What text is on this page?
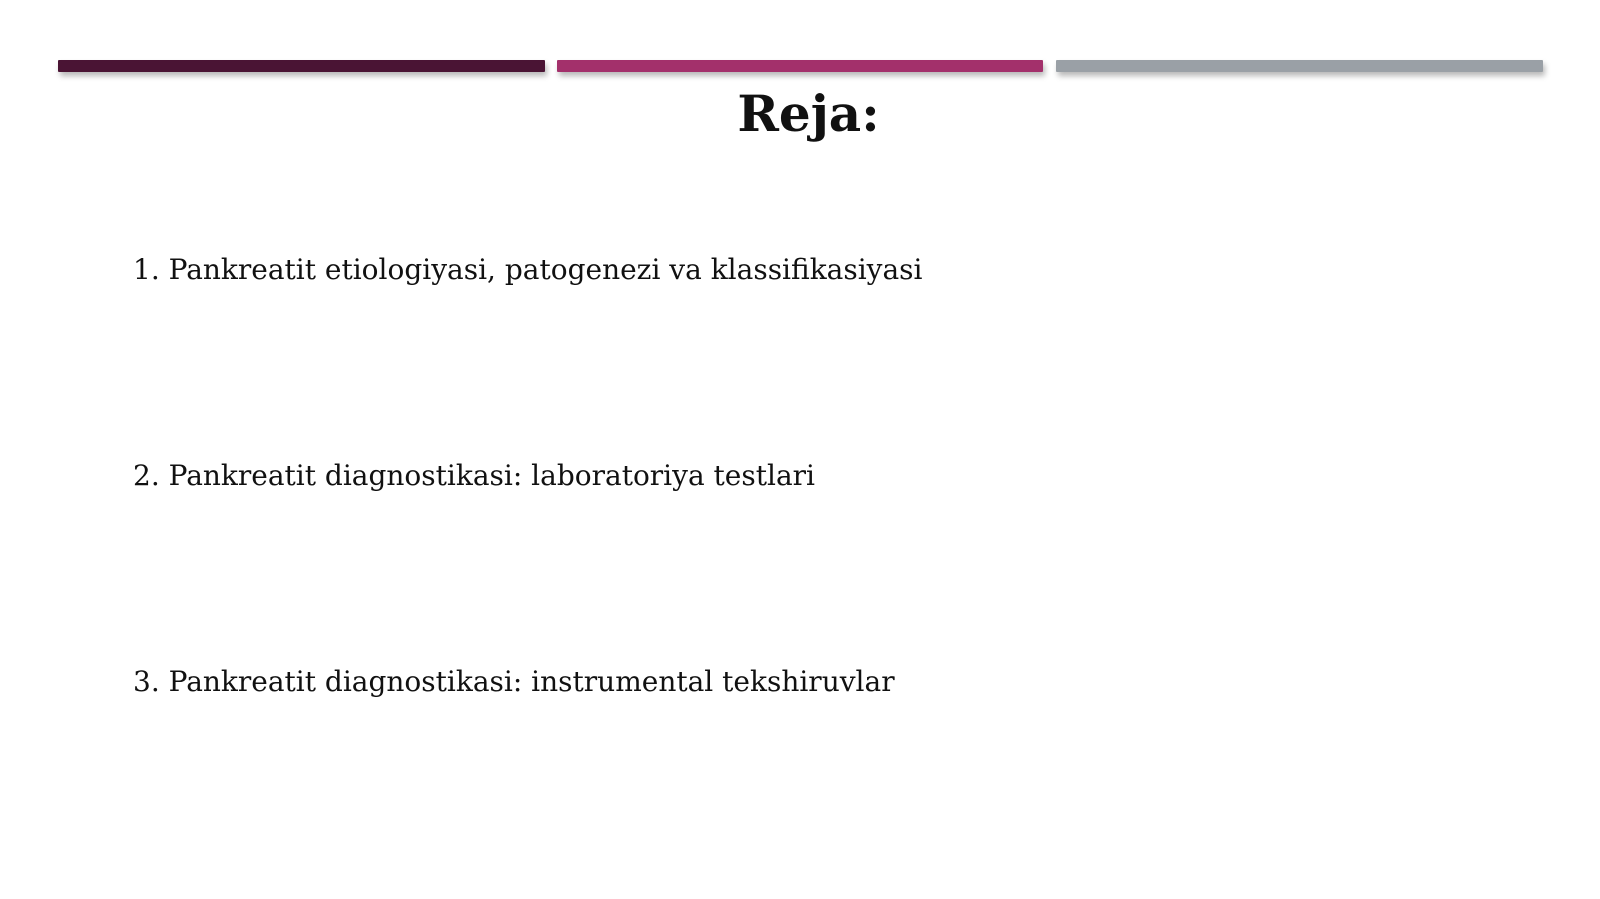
Reja:
1. Pankreatit etiologiyasi, patogenezi va klassifikasiyasi
2. Pankreatit diagnostikasi: laboratoriya testlari
3. Pankreatit diagnostikasi: instrumental tekshiruvlar
